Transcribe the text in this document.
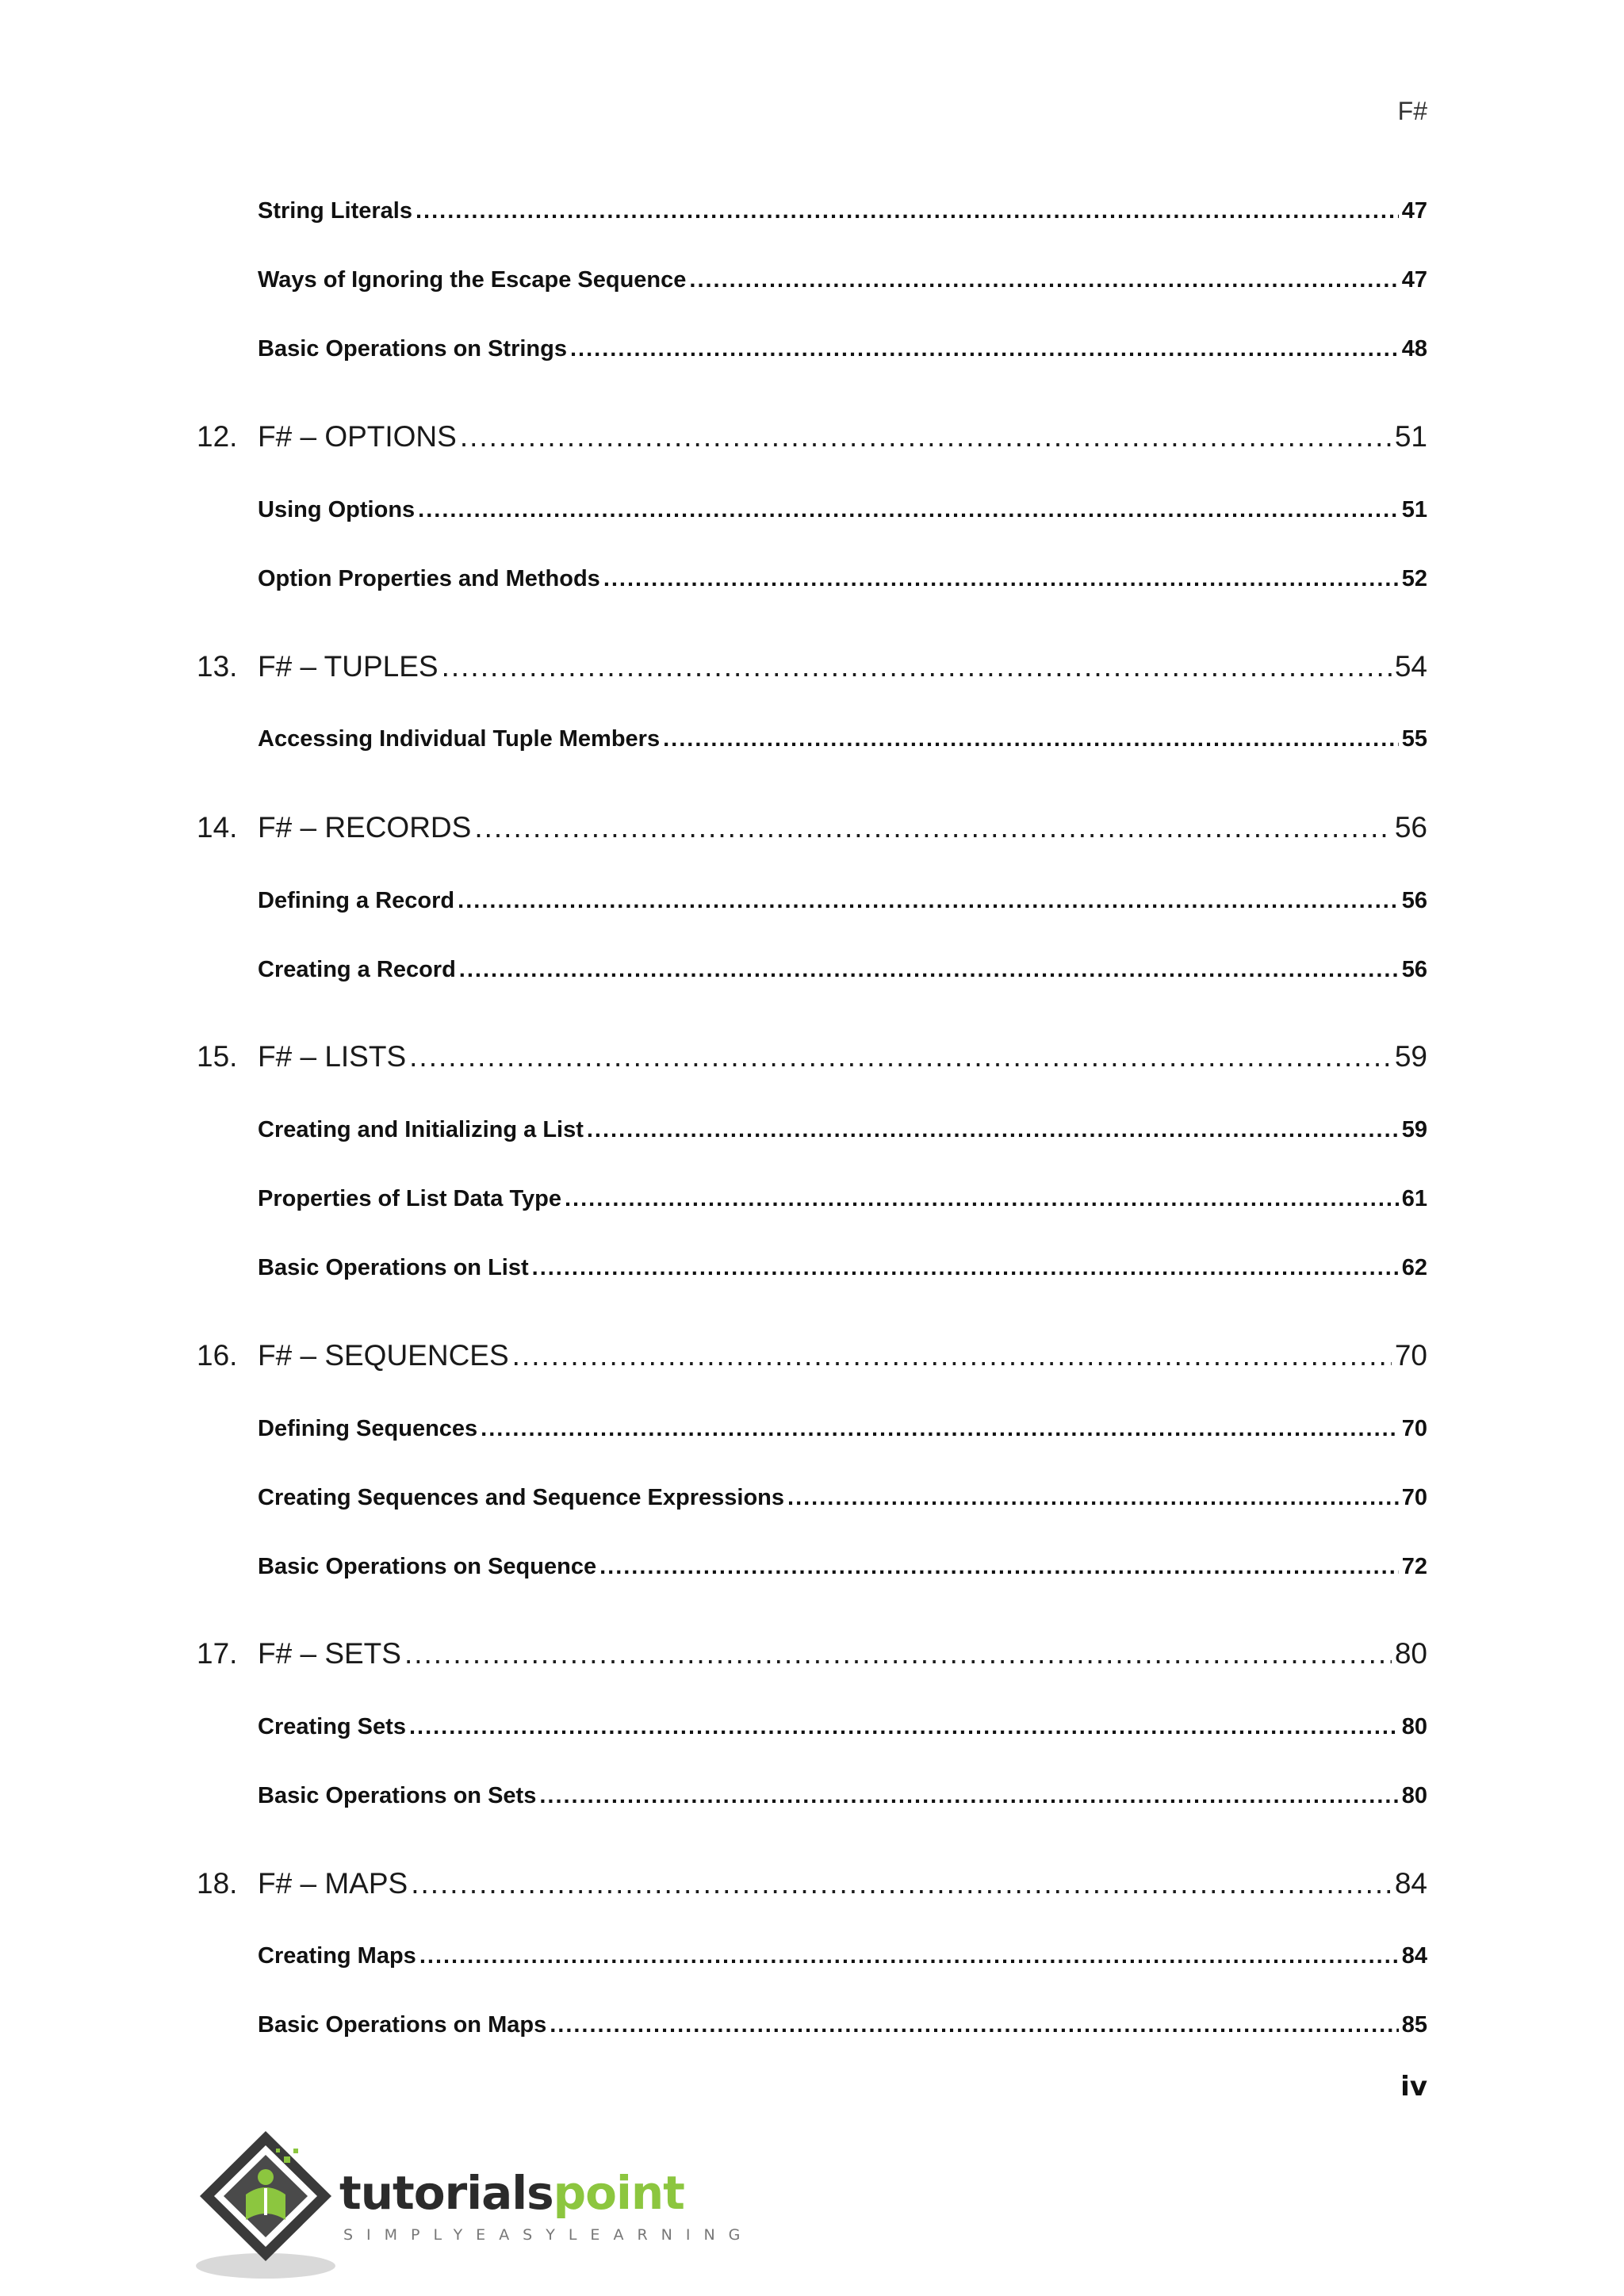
F#
String Literals .....	47
Ways of Ignoring the Escape Sequence .....	47
Basic Operations on Strings .....	48
12. F# – OPTIONS .....	51
Using Options .....	51
Option Properties and Methods .....	52
13. F# – TUPLES .....	54
Accessing Individual Tuple Members .....	55
14. F# – RECORDS .....	56
Defining a Record .....	56
Creating a Record .....	56
15. F# – LISTS .....	59
Creating and Initializing a List .....	59
Properties of List Data Type .....	61
Basic Operations on List .....	62
16. F# – SEQUENCES .....	70
Defining Sequences .....	70
Creating Sequences and Sequence Expressions .....	70
Basic Operations on Sequence .....	72
17. F# – SETS .....	80
Creating Sets .....	80
Basic Operations on Sets .....	80
18. F# – MAPS .....	84
Creating Maps .....	84
Basic Operations on Maps .....	85
iv
tutorialspoint
SIMPLYEASYLEARNING
